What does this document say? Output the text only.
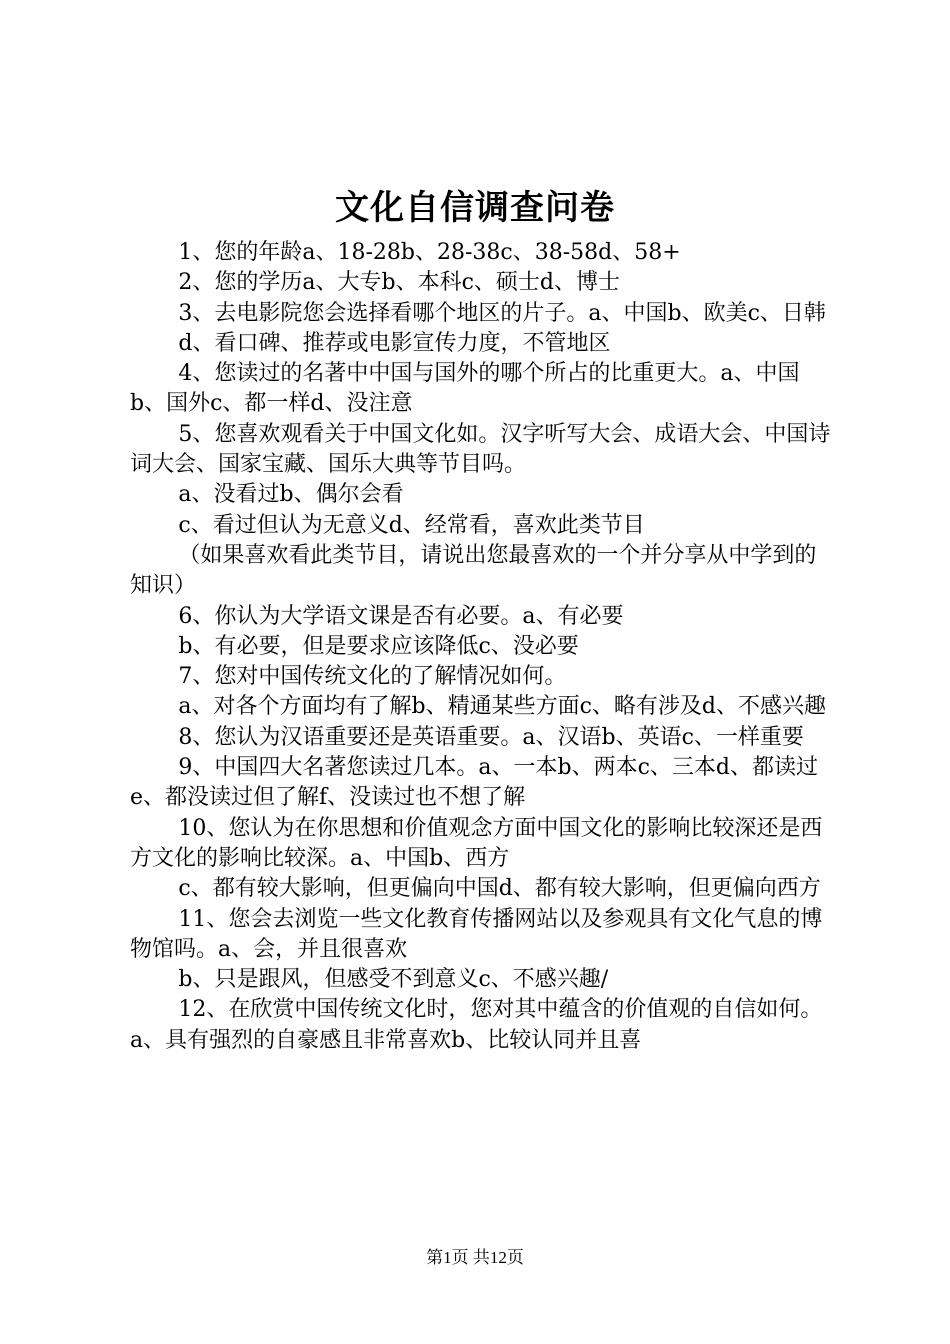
文化自信调查问卷

1、您的年龄a、18-28b、28-38c、38-58d、58+

2、您的学历a、大专b、本科c、硕士d、博士

3、去电影院您会选择看哪个地区的片子。a、中国b、欧美c、日韩

d、看口碑、推荐或电影宣传力度，不管地区

4、您读过的名著中中国与国外的哪个所占的比重更大。a、中国b、国外c、都一样d、没注意

5、您喜欢观看关于中国文化如。汉字听写大会、成语大会、中国诗词大会、国家宝藏、国乐大典等节目吗。

a、没看过b、偶尔会看

c、看过但认为无意义d、经常看，喜欢此类节目

（如果喜欢看此类节目，请说出您最喜欢的一个并分享从中学到的知识）

6、你认为大学语文课是否有必要。a、有必要

b、有必要，但是要求应该降低c、没必要

7、您对中国传统文化的了解情况如何。

a、对各个方面均有了解b、精通某些方面c、略有涉及d、不感兴趣

8、您认为汉语重要还是英语重要。a、汉语b、英语c、一样重要

9、中国四大名著您读过几本。a、一本b、两本c、三本d、都读过e、都没读过但了解f、没读过也不想了解

10、您认为在你思想和价值观念方面中国文化的影响比较深还是西方文化的影响比较深。a、中国b、西方

c、都有较大影响，但更偏向中国d、都有较大影响，但更偏向西方

11、您会去浏览一些文化教育传播网站以及参观具有文化气息的博物馆吗。a、会，并且很喜欢

b、只是跟风，但感受不到意义c、不感兴趣/

12、在欣赏中国传统文化时，您对其中蕴含的价值观的自信如何。a、具有强烈的自豪感且非常喜欢b、比较认同并且喜

第1页 共12页
